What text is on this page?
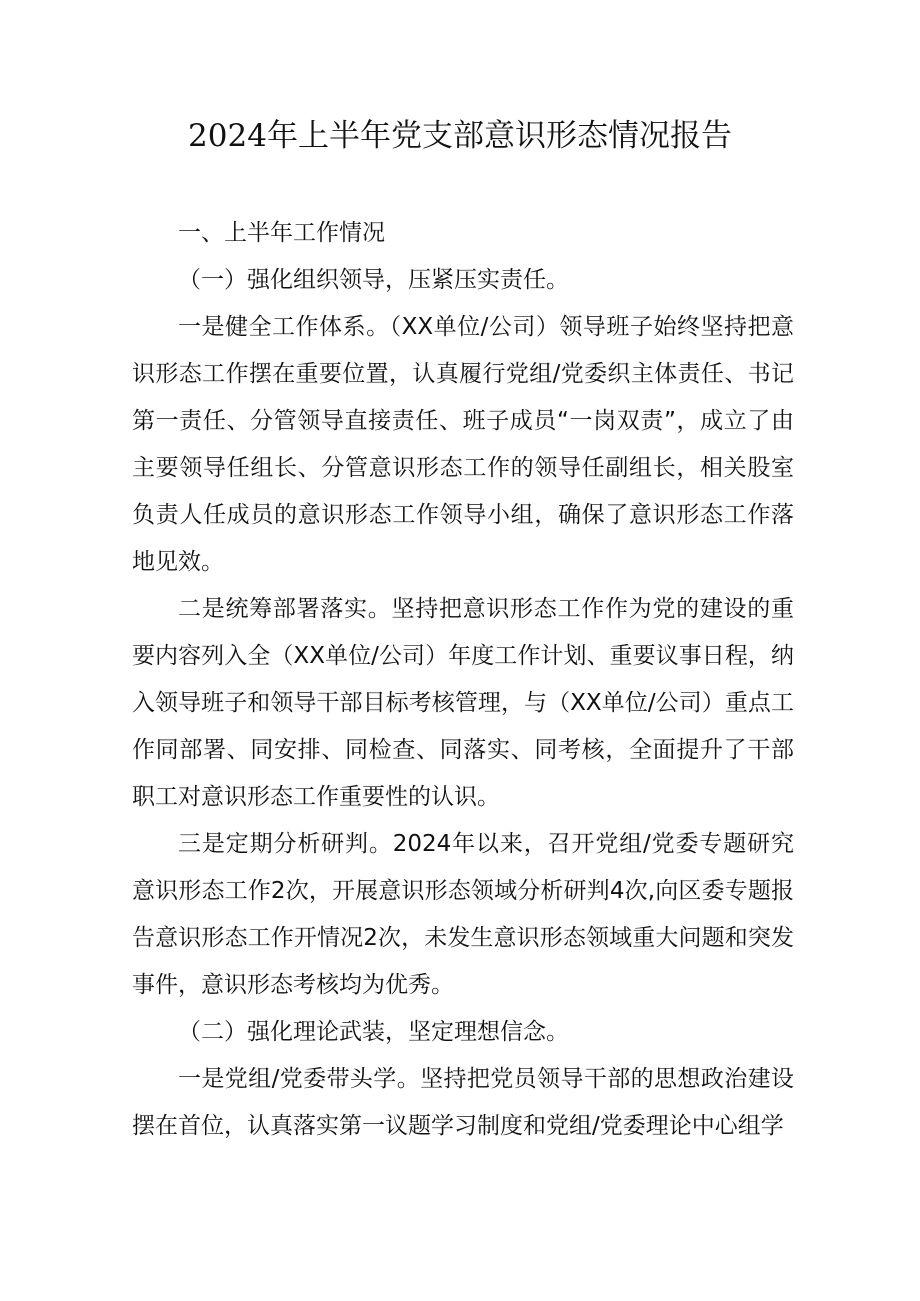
2024年上半年党支部意识形态情况报告

一、上半年工作情况

（一）强化组织领导，压紧压实责任。

一是健全工作体系。（XX单位/公司）领导班子始终坚持把意识形态工作摆在重要位置，认真履行党组/党委织主体责任、书记第一责任、分管领导直接责任、班子成员“一岗双责”，成立了由主要领导任组长、分管意识形态工作的领导任副组长，相关股室负责人任成员的意识形态工作领导小组，确保了意识形态工作落地见效。

二是统筹部署落实。坚持把意识形态工作作为党的建设的重要内容列入全（XX单位/公司）年度工作计划、重要议事日程，纳入领导班子和领导干部目标考核管理，与（XX单位/公司）重点工作同部署、同安排、同检查、同落实、同考核，全面提升了干部职工对意识形态工作重要性的认识。

三是定期分析研判。2024年以来，召开党组/党委专题研究意识形态工作2次，开展意识形态领域分析研判4次,向区委专题报告意识形态工作开情况2次，未发生意识形态领域重大问题和突发事件，意识形态考核均为优秀。

（二）强化理论武装，坚定理想信念。

一是党组/党委带头学。坚持把党员领导干部的思想政治建设摆在首位，认真落实第一议题学习制度和党组/党委理论中心组学
